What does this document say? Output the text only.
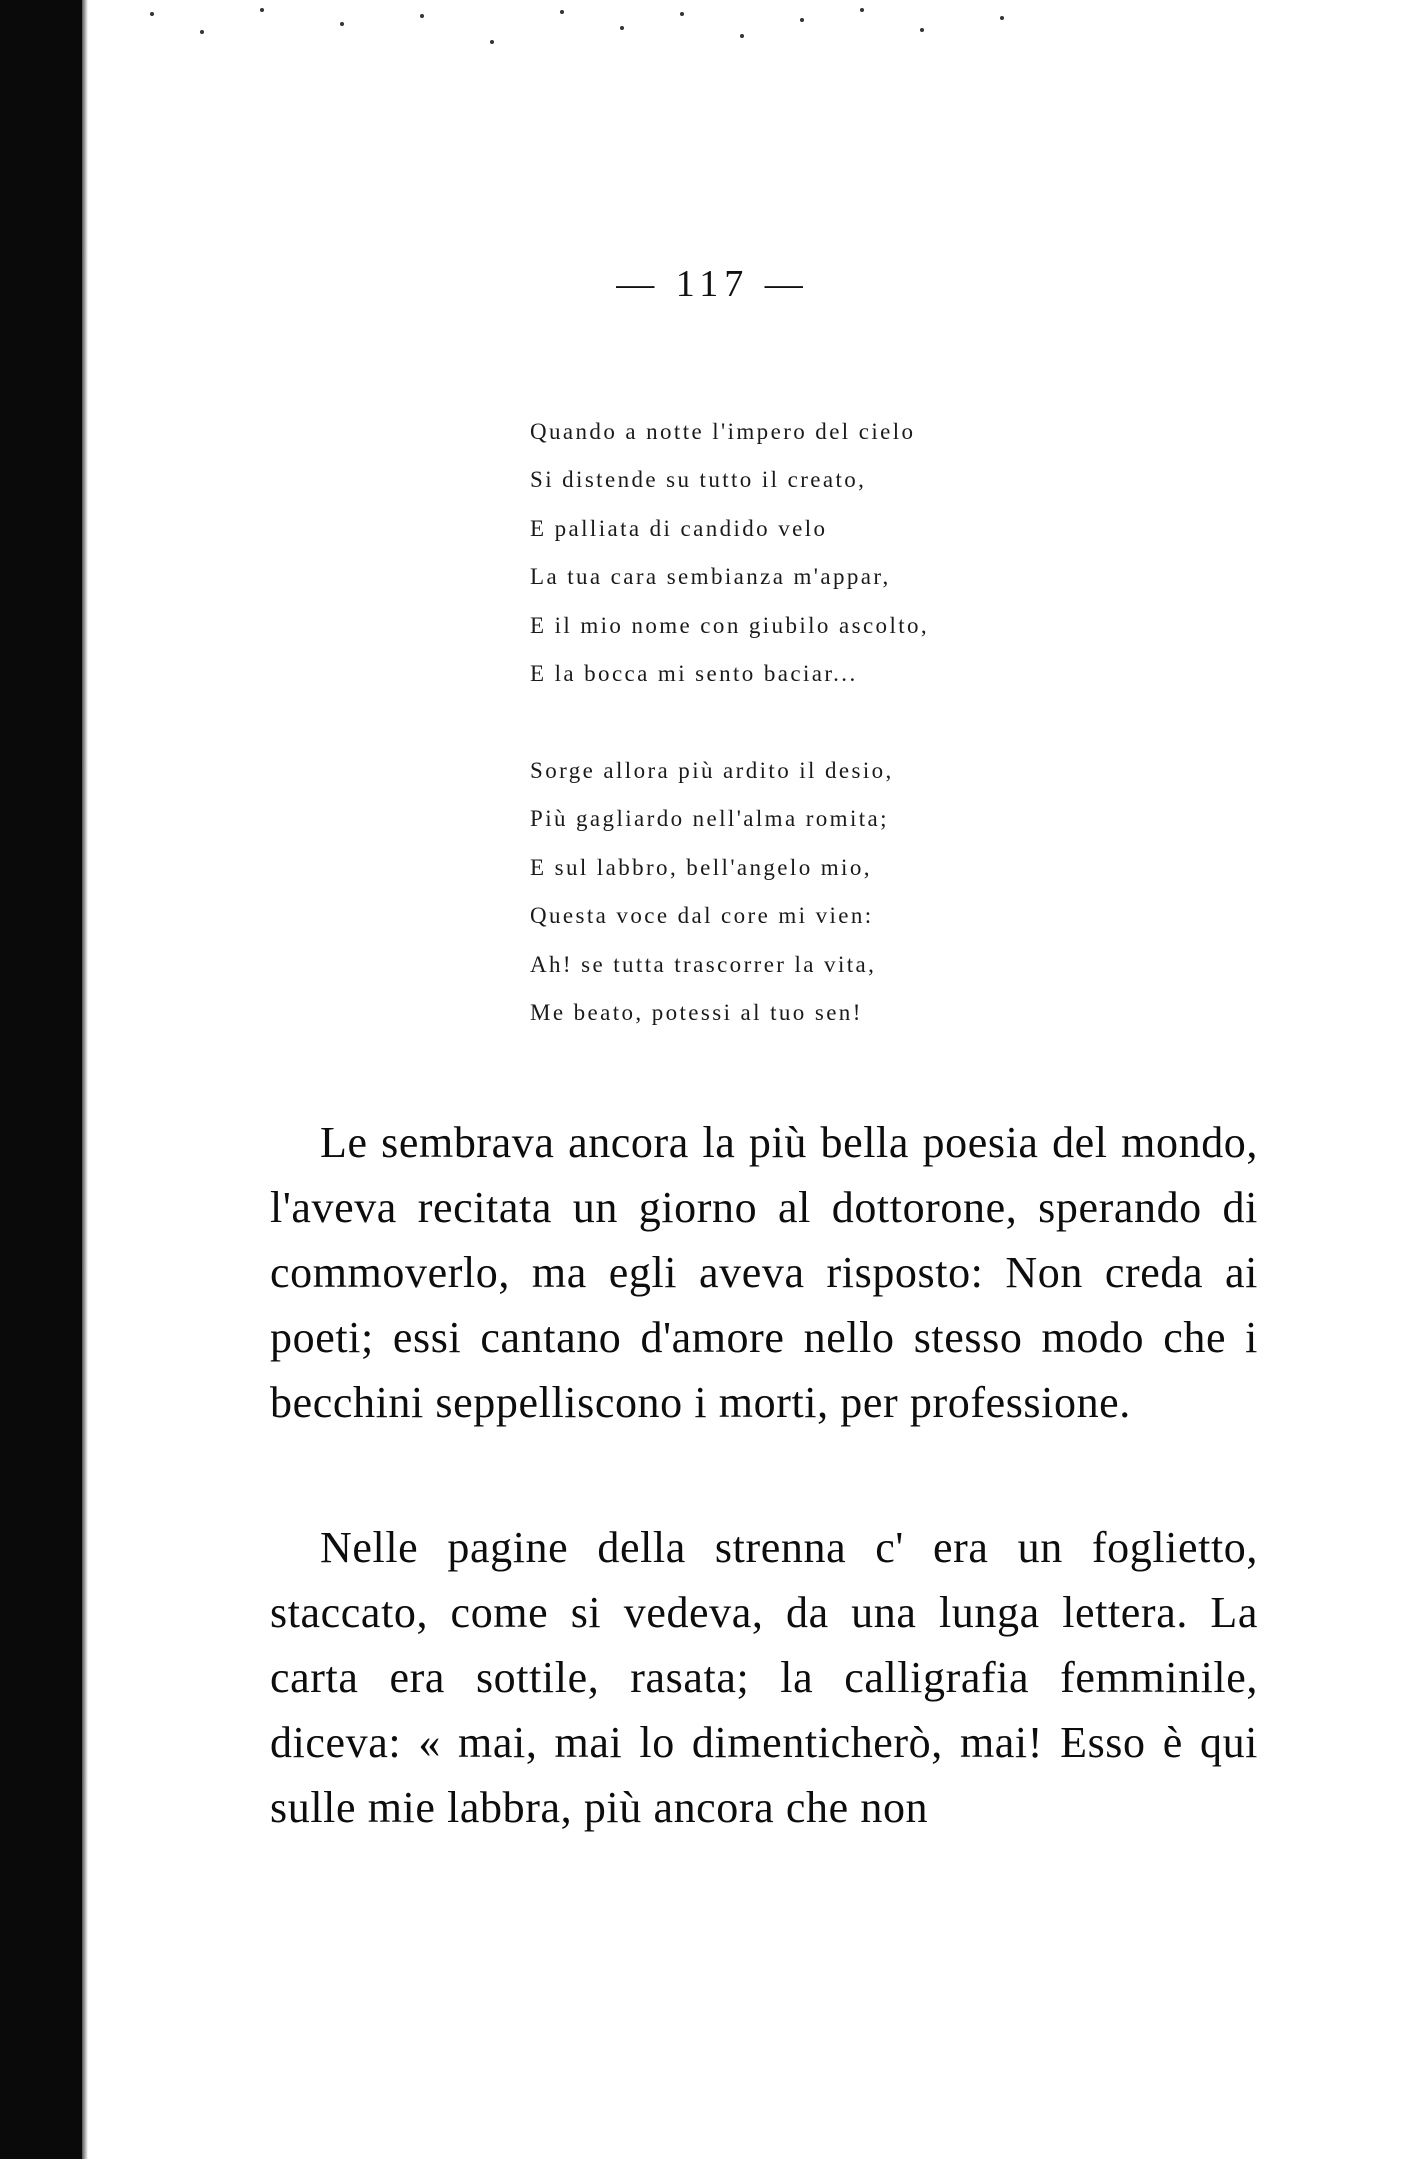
— 117 —
Quando a notte l'impero del cielo
Si distende su tutto il creato,
E palliata di candido velo
La tua cara sembianza m'appar,
E il mio nome con giubilo ascolto,
E la bocca mi sento baciar...
Sorge allora più ardito il desio,
Più gagliardo nell'alma romita;
E sul labbro, bell'angelo mio,
Questa voce dal core mi vien:
Ah! se tutta trascorrer la vita,
Me beato, potessi al tuo sen!

Le sembrava ancora la più bella poesia del mondo, l'aveva recitata un giorno al dottorone, sperando di commoverlo, ma egli aveva risposto: Non creda ai poeti; essi cantano d'amore nello stesso modo che i becchini seppelliscono i morti, per professione.

Nelle pagine della strenna c' era un foglietto, staccato, come si vedeva, da una lunga lettera. La carta era sottile, rasata; la calligrafia femminile, diceva: « mai, mai lo dimenticherò, mai! Esso è qui sulle mie labbra, più ancora che non
